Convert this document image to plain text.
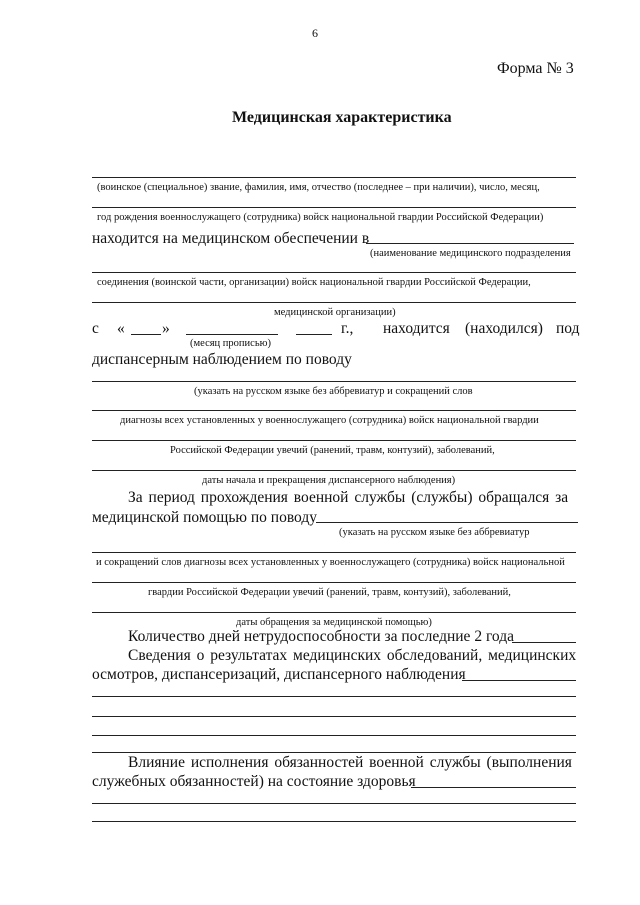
6
Форма № 3
Медицинская характеристика
(воинское (специальное) звание, фамилия, имя, отчество (последнее – при наличии), число, месяц,
год рождения военнослужащего (сотрудника) войск национальной гвардии Российской Федерации)
находится на медицинском обеспечении в
(наименование медицинского подразделения
соединения (воинской части, организации) войск национальной гвардии Российской Федерации,
медицинской организации)
с « »	г., находится (находился) под
(месяц прописью)
диспансерным наблюдением по поводу
(указать на русском языке без аббревиатур и сокращений слов
диагнозы всех установленных у военнослужащего (сотрудника) войск национальной гвардии
Российской Федерации увечий (ранений, травм, контузий), заболеваний,
даты начала и прекращения диспансерного наблюдения)
За период прохождения военной службы (службы) обращался за
медицинской помощью по поводу
(указать на русском языке без аббревиатур
и сокращений слов диагнозы всех установленных у военнослужащего (сотрудника) войск национальной
гвардии Российской Федерации увечий (ранений, травм, контузий), заболеваний,
даты обращения за медицинской помощью)
Количество дней нетрудоспособности за последние 2 года
Сведения о результатах медицинских обследований, медицинских
осмотров, диспансеризаций, диспансерного наблюдения
Влияние исполнения обязанностей военной службы (выполнения
служебных обязанностей) на состояние здоровья
